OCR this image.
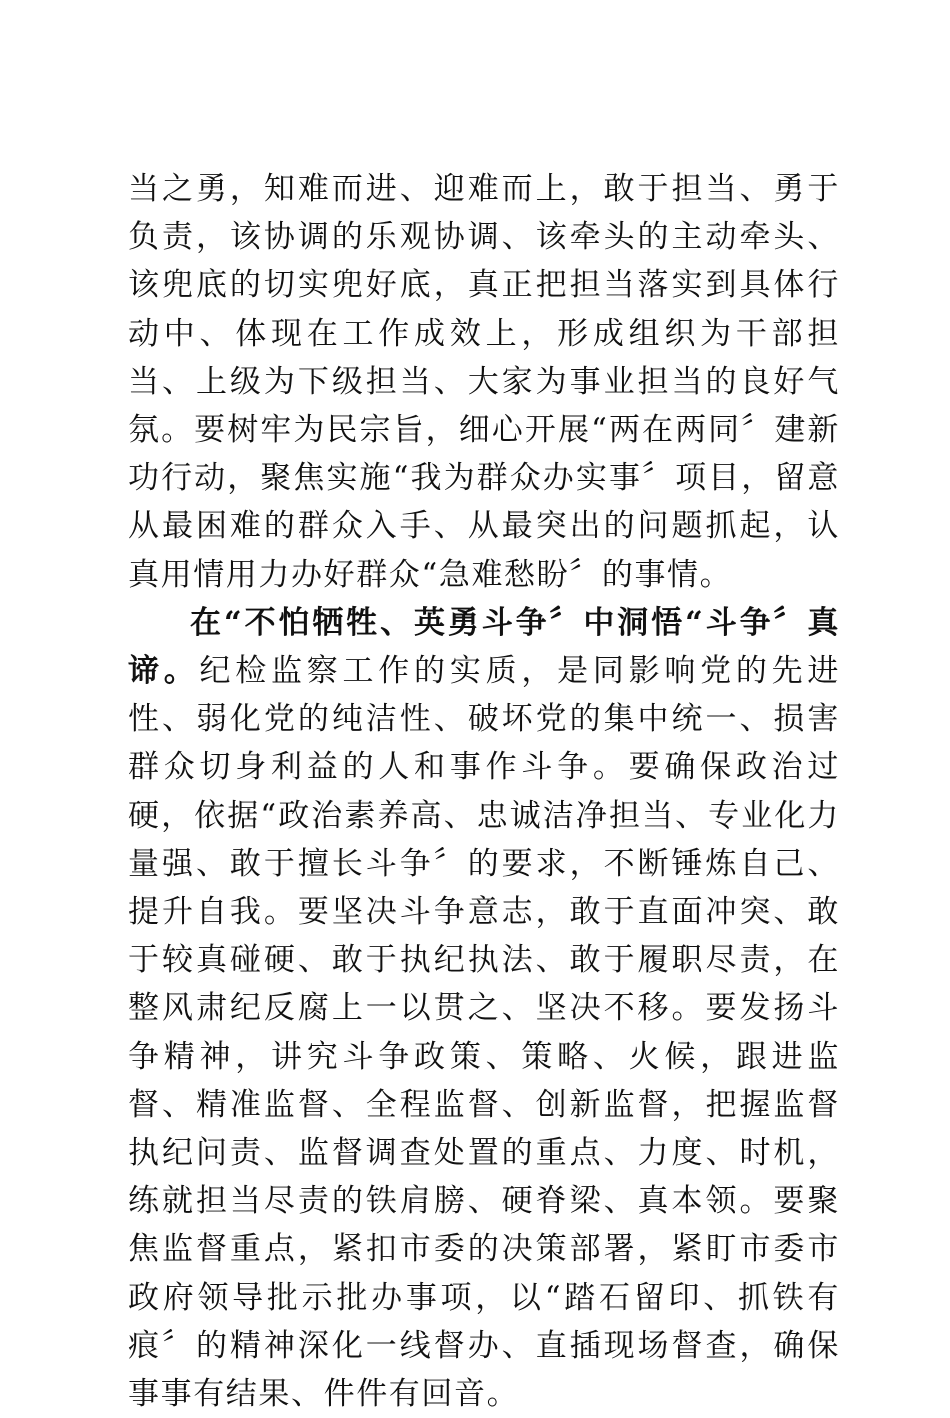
当之勇，知难而进、迎难而上，敢于担当、勇于负责，该协调的乐观协调、该牵头的主动牵头、该兜底的切实兜好底，真正把担当落实到具体行动中、体现在工作成效上，形成组织为干部担当、上级为下级担当、大家为事业担当的良好气氛。要树牢为民宗旨，细心开展“两在两同〞建新功行动，聚焦实施“我为群众办实事〞项目，留意从最困难的群众入手、从最突出的问题抓起，认真用情用力办好群众“急难愁盼〞的事情。

在“不怕牺牲、英勇斗争〞中洞悟“斗争〞真谛。纪检监察工作的实质，是同影响党的先进性、弱化党的纯洁性、破坏党的集中统一、损害群众切身利益的人和事作斗争。要确保政治过硬，依据“政治素养高、忠诚洁净担当、专业化力量强、敢于擅长斗争〞的要求，不断锤炼自己、提升自我。要坚决斗争意志，敢于直面冲突、敢于较真碰硬、敢于执纪执法、敢于履职尽责，在整风肃纪反腐上一以贯之、坚决不移。要发扬斗争精神，讲究斗争政策、策略、火候，跟进监督、精准监督、全程监督、创新监督，把握监督执纪问责、监督调查处置的重点、力度、时机，练就担当尽责的铁肩膀、硬脊梁、真本领。要聚焦监督重点，紧扣市委的决策部署，紧盯市委市政府领导批示批办事项，以“踏石留印、抓铁有痕〞的精神深化一线督办、直插现场督查，确保事事有结果、件件有回音。
